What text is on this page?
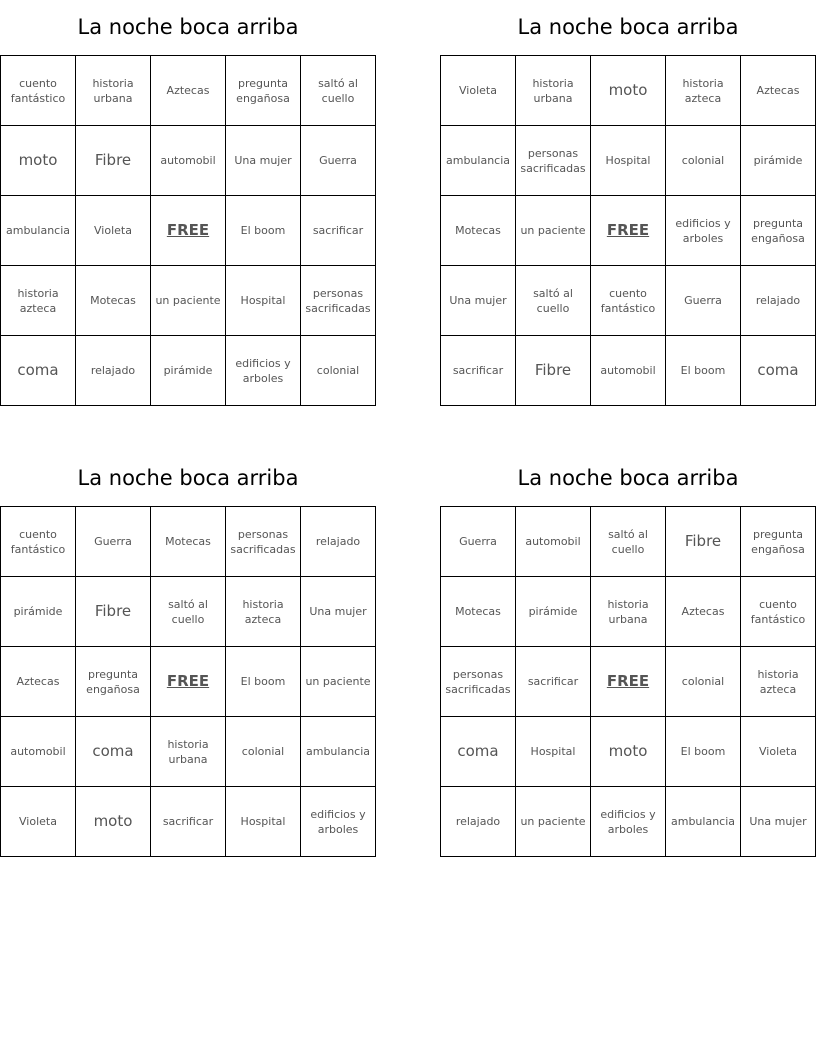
La noche boca arriba
cuento fantástico	historia urbana	Aztecas	pregunta engañosa	saltó al cuello
moto	Fibre	automobil	Una mujer	Guerra
ambulancia	Violeta	FREE	El boom	sacrificar
historia azteca	Motecas	un paciente	Hospital	personas sacrificadas
coma	relajado	pirámide	edificios y arboles	colonial
La noche boca arriba
Violeta	historia urbana	moto	historia azteca	Aztecas
ambulancia	personas sacrificadas	Hospital	colonial	pirámide
Motecas	un paciente	FREE	edificios y arboles	pregunta engañosa
Una mujer	saltó al cuello	cuento fantástico	Guerra	relajado
sacrificar	Fibre	automobil	El boom	coma
La noche boca arriba
cuento fantástico	Guerra	Motecas	personas sacrificadas	relajado
pirámide	Fibre	saltó al cuello	historia azteca	Una mujer
Aztecas	pregunta engañosa	FREE	El boom	un paciente
automobil	coma	historia urbana	colonial	ambulancia
Violeta	moto	sacrificar	Hospital	edificios y arboles
La noche boca arriba
Guerra	automobil	saltó al cuello	Fibre	pregunta engañosa
Motecas	pirámide	historia urbana	Aztecas	cuento fantástico
personas sacrificadas	sacrificar	FREE	colonial	historia azteca
coma	Hospital	moto	El boom	Violeta
relajado	un paciente	edificios y arboles	ambulancia	Una mujer
